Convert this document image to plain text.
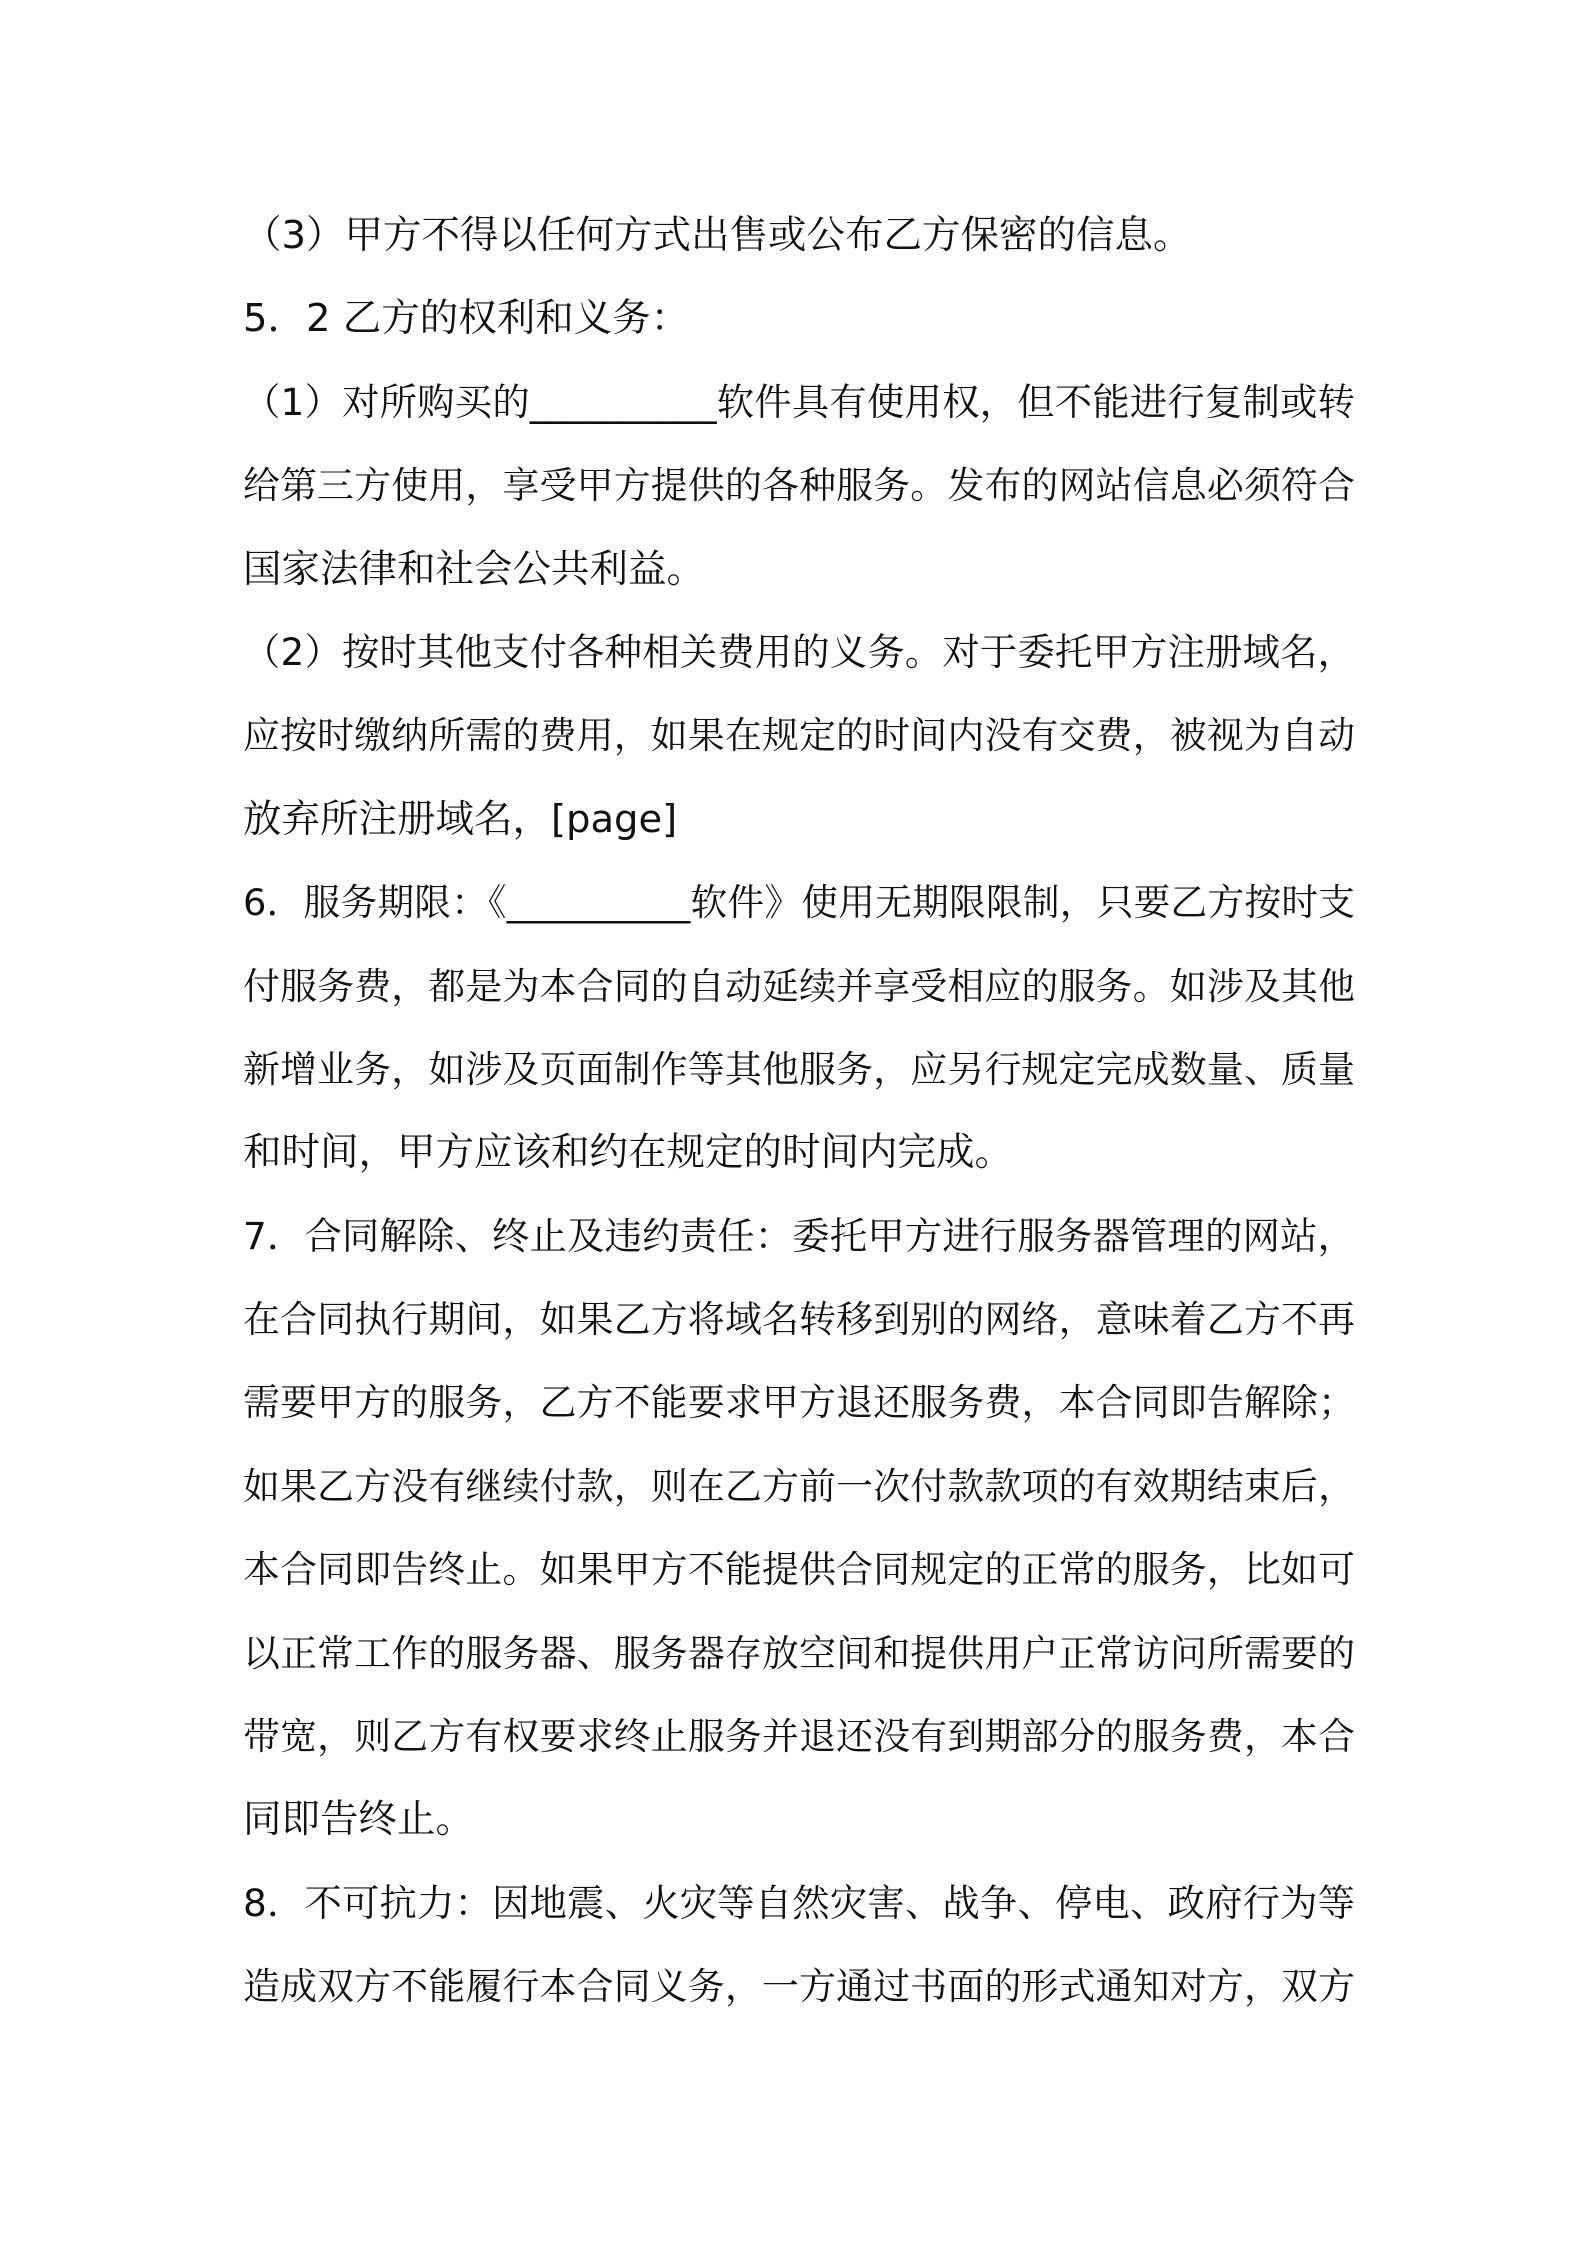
（3）甲方不得以任何方式出售或公布乙方保密的信息。
5．2 乙方的权利和义务：
（1）对所购买的__________软件具有使用权，但不能进行复制或转
给第三方使用，享受甲方提供的各种服务。发布的网站信息必须符合
国家法律和社会公共利益。
（2）按时其他支付各种相关费用的义务。对于委托甲方注册域名，
应按时缴纳所需的费用，如果在规定的时间内没有交费，被视为自动
放弃所注册域名，[page]
6．服务期限：《__________软件》使用无期限限制，只要乙方按时支
付服务费，都是为本合同的自动延续并享受相应的服务。如涉及其他
新增业务，如涉及页面制作等其他服务，应另行规定完成数量、质量
和时间，甲方应该和约在规定的时间内完成。
7．合同解除、终止及违约责任：委托甲方进行服务器管理的网站，
在合同执行期间，如果乙方将域名转移到别的网络，意味着乙方不再
需要甲方的服务，乙方不能要求甲方退还服务费，本合同即告解除；
如果乙方没有继续付款，则在乙方前一次付款款项的有效期结束后，
本合同即告终止。如果甲方不能提供合同规定的正常的服务，比如可
以正常工作的服务器、服务器存放空间和提供用户正常访问所需要的
带宽，则乙方有权要求终止服务并退还没有到期部分的服务费，本合
同即告终止。
8．不可抗力：因地震、火灾等自然灾害、战争、停电、政府行为等
造成双方不能履行本合同义务，一方通过书面的形式通知对方，双方
